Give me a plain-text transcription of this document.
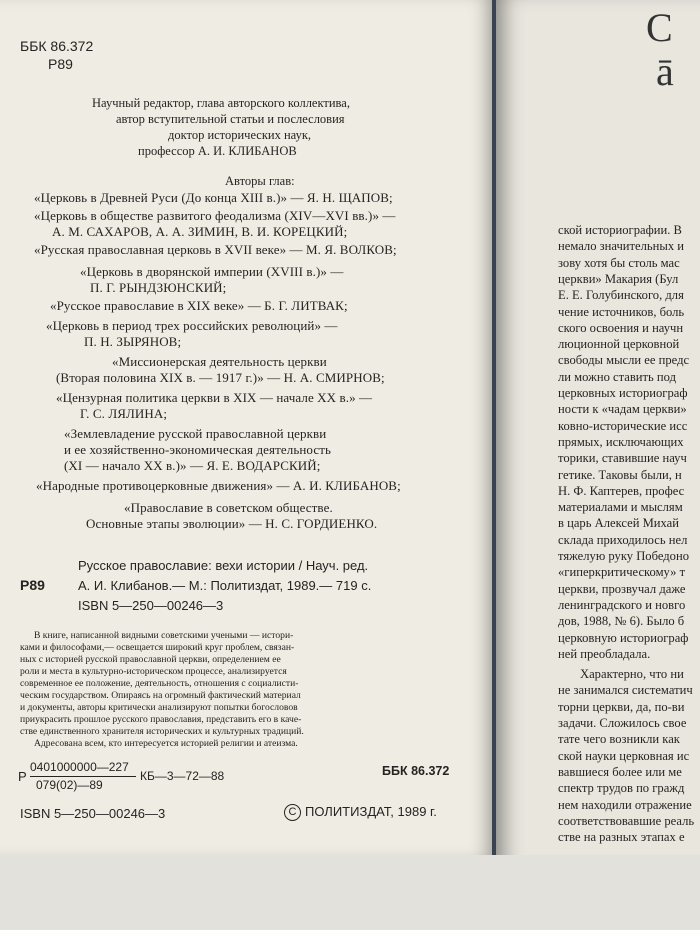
ББК 86.372
Р89
Научный редактор, глава авторского коллектива,
автор вступительной статьи и послесловия
доктор исторических наук,
профессор А. И. КЛИБАНОВ
Авторы глав:
«Церковь в Древней Руси (До конца XIII в.)» — Я. Н. ЩАПОВ;
«Церковь в обществе развитого феодализма (XIV—XVI вв.)» —
А. М. САХАРОВ, А. А. ЗИМИН, В. И. КОРЕЦКИЙ;
«Русская православная церковь в XVII веке» — М. Я. ВОЛКОВ;
«Церковь в дворянской империи (XVIII в.)» —
П. Г. РЫНДЗЮНСКИЙ;
«Русское православие в XIX веке» — Б. Г. ЛИТВАК;
«Церковь в период трех российских революций» —
П. Н. ЗЫРЯНОВ;
«Миссионерская деятельность церкви
(Вторая половина XIX в. — 1917 г.)» — Н. А. СМИРНОВ;
«Цензурная политика церкви в XIX — начале XX в.» —
Г. С. ЛЯЛИНА;
«Землевладение русской православной церкви
и ее хозяйственно-экономическая деятельность
(XI — начало XX в.)» — Я. Е. ВОДАРСКИЙ;
«Народные противоцерковные движения» — А. И. КЛИБАНОВ;
«Православие в советском обществе.
Основные этапы эволюции» — Н. С. ГОРДИЕНКО.
Р89
Русское православие: вехи истории / Науч. ред.
А. И. Клибанов.— М.: Политиздат, 1989.— 719 с.
ISBN 5—250—00246—3
В книге, написанной видными советскими учеными — истори-
ками и философами,— освещается широкий круг проблем, связан-
ных с историей русской православной церкви, определением ее
роли и места в культурно-историческом процессе, анализируется
современное ее положение, деятельность, отношения с социалисти-
ческим государством. Опираясь на огромный фактический материал
и документы, авторы критически анализируют попытки богословов
приукрасить прошлое русского православия, представить его в каче-
стве единственного хранителя исторических и культурных традиций.
Адресована всем, кто интересуется историей религии и атеизма.
Р
0401000000—227
079(02)—89
КБ—3—72—88	ББК 86.372
ISBN 5—250—00246—3	C ПОЛИТИЗДАТ, 1989 г.
С
ā
ской историографии. В
немало значительных и
зову хотя бы столь мас
церкви» Макария (Бул
Е. Е. Голубинского, для
чение источников, боль
ского освоения и научн
люционной церковной
свободы мысли ее предс
ли можно ставить под
церковных историограф
ности к «чадам церкви»
ковно-исторические исс
прямых, исключающих
торики, ставившие науч
гетике. Таковы были, н
Н. Ф. Каптерев, профес
материалами и мыслям
в царь Алексей Михай
склада приходилось нел
тяжелую руку Победоно
«гиперкритическому» т
церкви, прозвучал даже
ленинградского и новго
дов, 1988, № 6). Было б
церковную историограф
ней преобладала.
Характерно, что ни
не занимался систематич
торни церкви, да, по-ви
задачи. Сложилось свое
тате чего возникли как
ской науки церковная ис
вавшиеся более или ме
спектр трудов по гражд
нем находили отражение
соответствовавшие реаль
стве на разных этапах е
